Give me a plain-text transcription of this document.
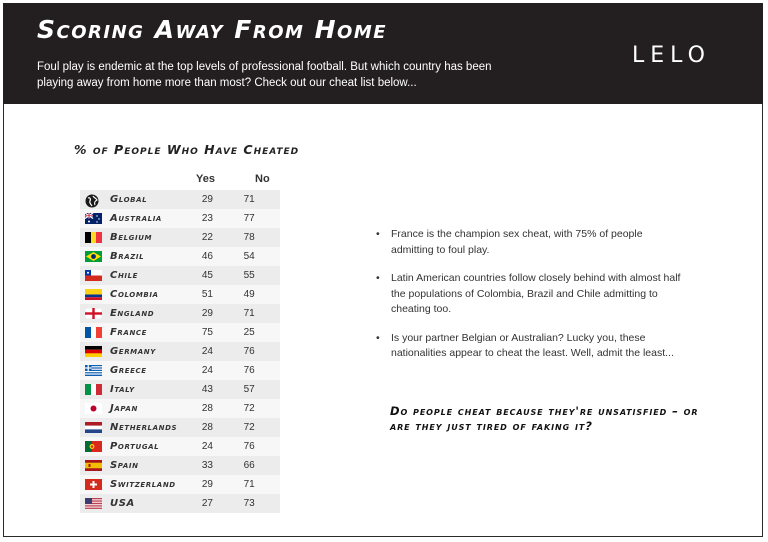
Scoring Away From Home
Foul play is endemic at the top levels of professional football. But which country has been playing away from home more than most? Check out our cheat list below...
LELO
% of People Who Have Cheated
Yes	No
Global	29	71
Australia	23	77
Belgium	22	78
Brazil	46	54
Chile	45	55
Colombia	51	49
England	29	71
France	75	25
Germany	24	76
Greece	24	76
Italy	43	57
Japan	28	72
Netherlands	28	72
Portugal	24	76
Spain	33	66
Switzerland	29	71
USA	27	73
• France is the champion sex cheat, with 75% of people admitting to foul play.
• Latin American countries follow closely behind with almost half the populations of Colombia, Brazil and Chile admitting to cheating too.
• Is your partner Belgian or Australian? Lucky you, these nationalities appear to cheat the least. Well, admit the least...
Do people cheat because they're unsatisfied – or are they just tired of faking it?
